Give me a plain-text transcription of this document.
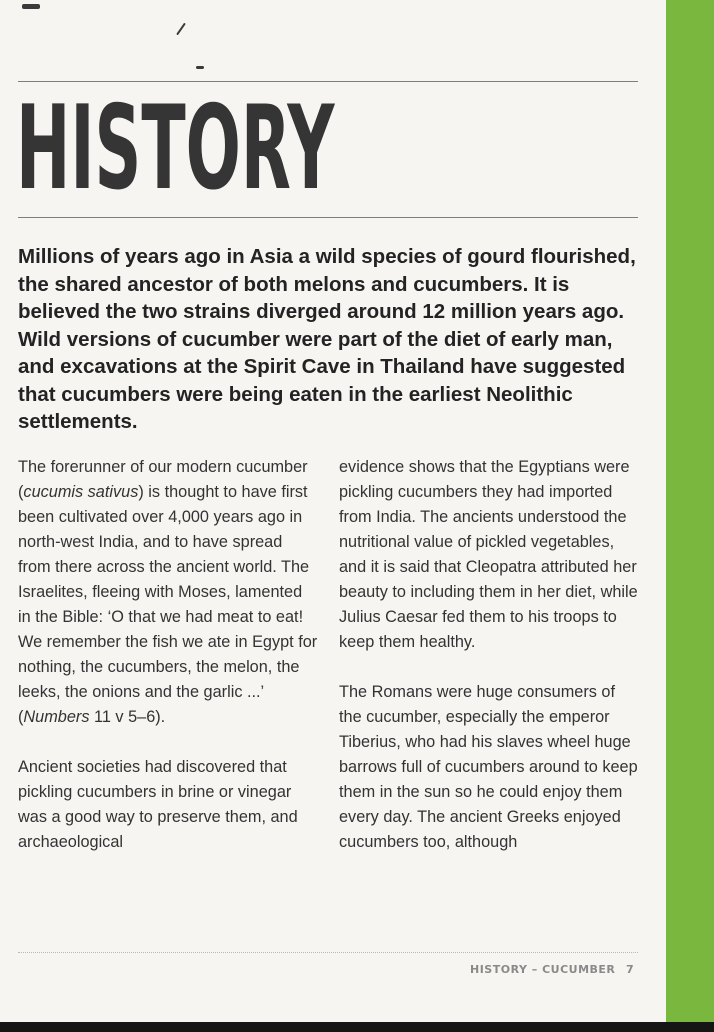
HISTORY

Millions of years ago in Asia a wild species of gourd flourished, the shared ancestor of both melons and cucumbers. It is believed the two strains diverged around 12 million years ago. Wild versions of cucumber were part of the diet of early man, and excavations at the Spirit Cave in Thailand have suggested that cucumbers were being eaten in the earliest Neolithic settlements.

The forerunner of our modern cucumber (cucumis sativus) is thought to have first been cultivated over 4,000 years ago in north-west India, and to have spread from there across the ancient world. The Israelites, fleeing with Moses, lamented in the Bible: ‘O that we had meat to eat! We remember the fish we ate in Egypt for nothing, the cucumbers, the melon, the leeks, the onions and the garlic ...’ (Numbers 11 v 5–6).

Ancient societies had discovered that pickling cucumbers in brine or vinegar was a good way to preserve them, and archaeological

evidence shows that the Egyptians were pickling cucumbers they had imported from India. The ancients understood the nutritional value of pickled vegetables, and it is said that Cleopatra attributed her beauty to including them in her diet, while Julius Caesar fed them to his troops to keep them healthy.

The Romans were huge consumers of the cucumber, especially the emperor Tiberius, who had his slaves wheel huge barrows full of cucumbers around to keep them in the sun so he could enjoy them every day. The ancient Greeks enjoyed cucumbers too, although

HISTORY – CUCUMBER 7
